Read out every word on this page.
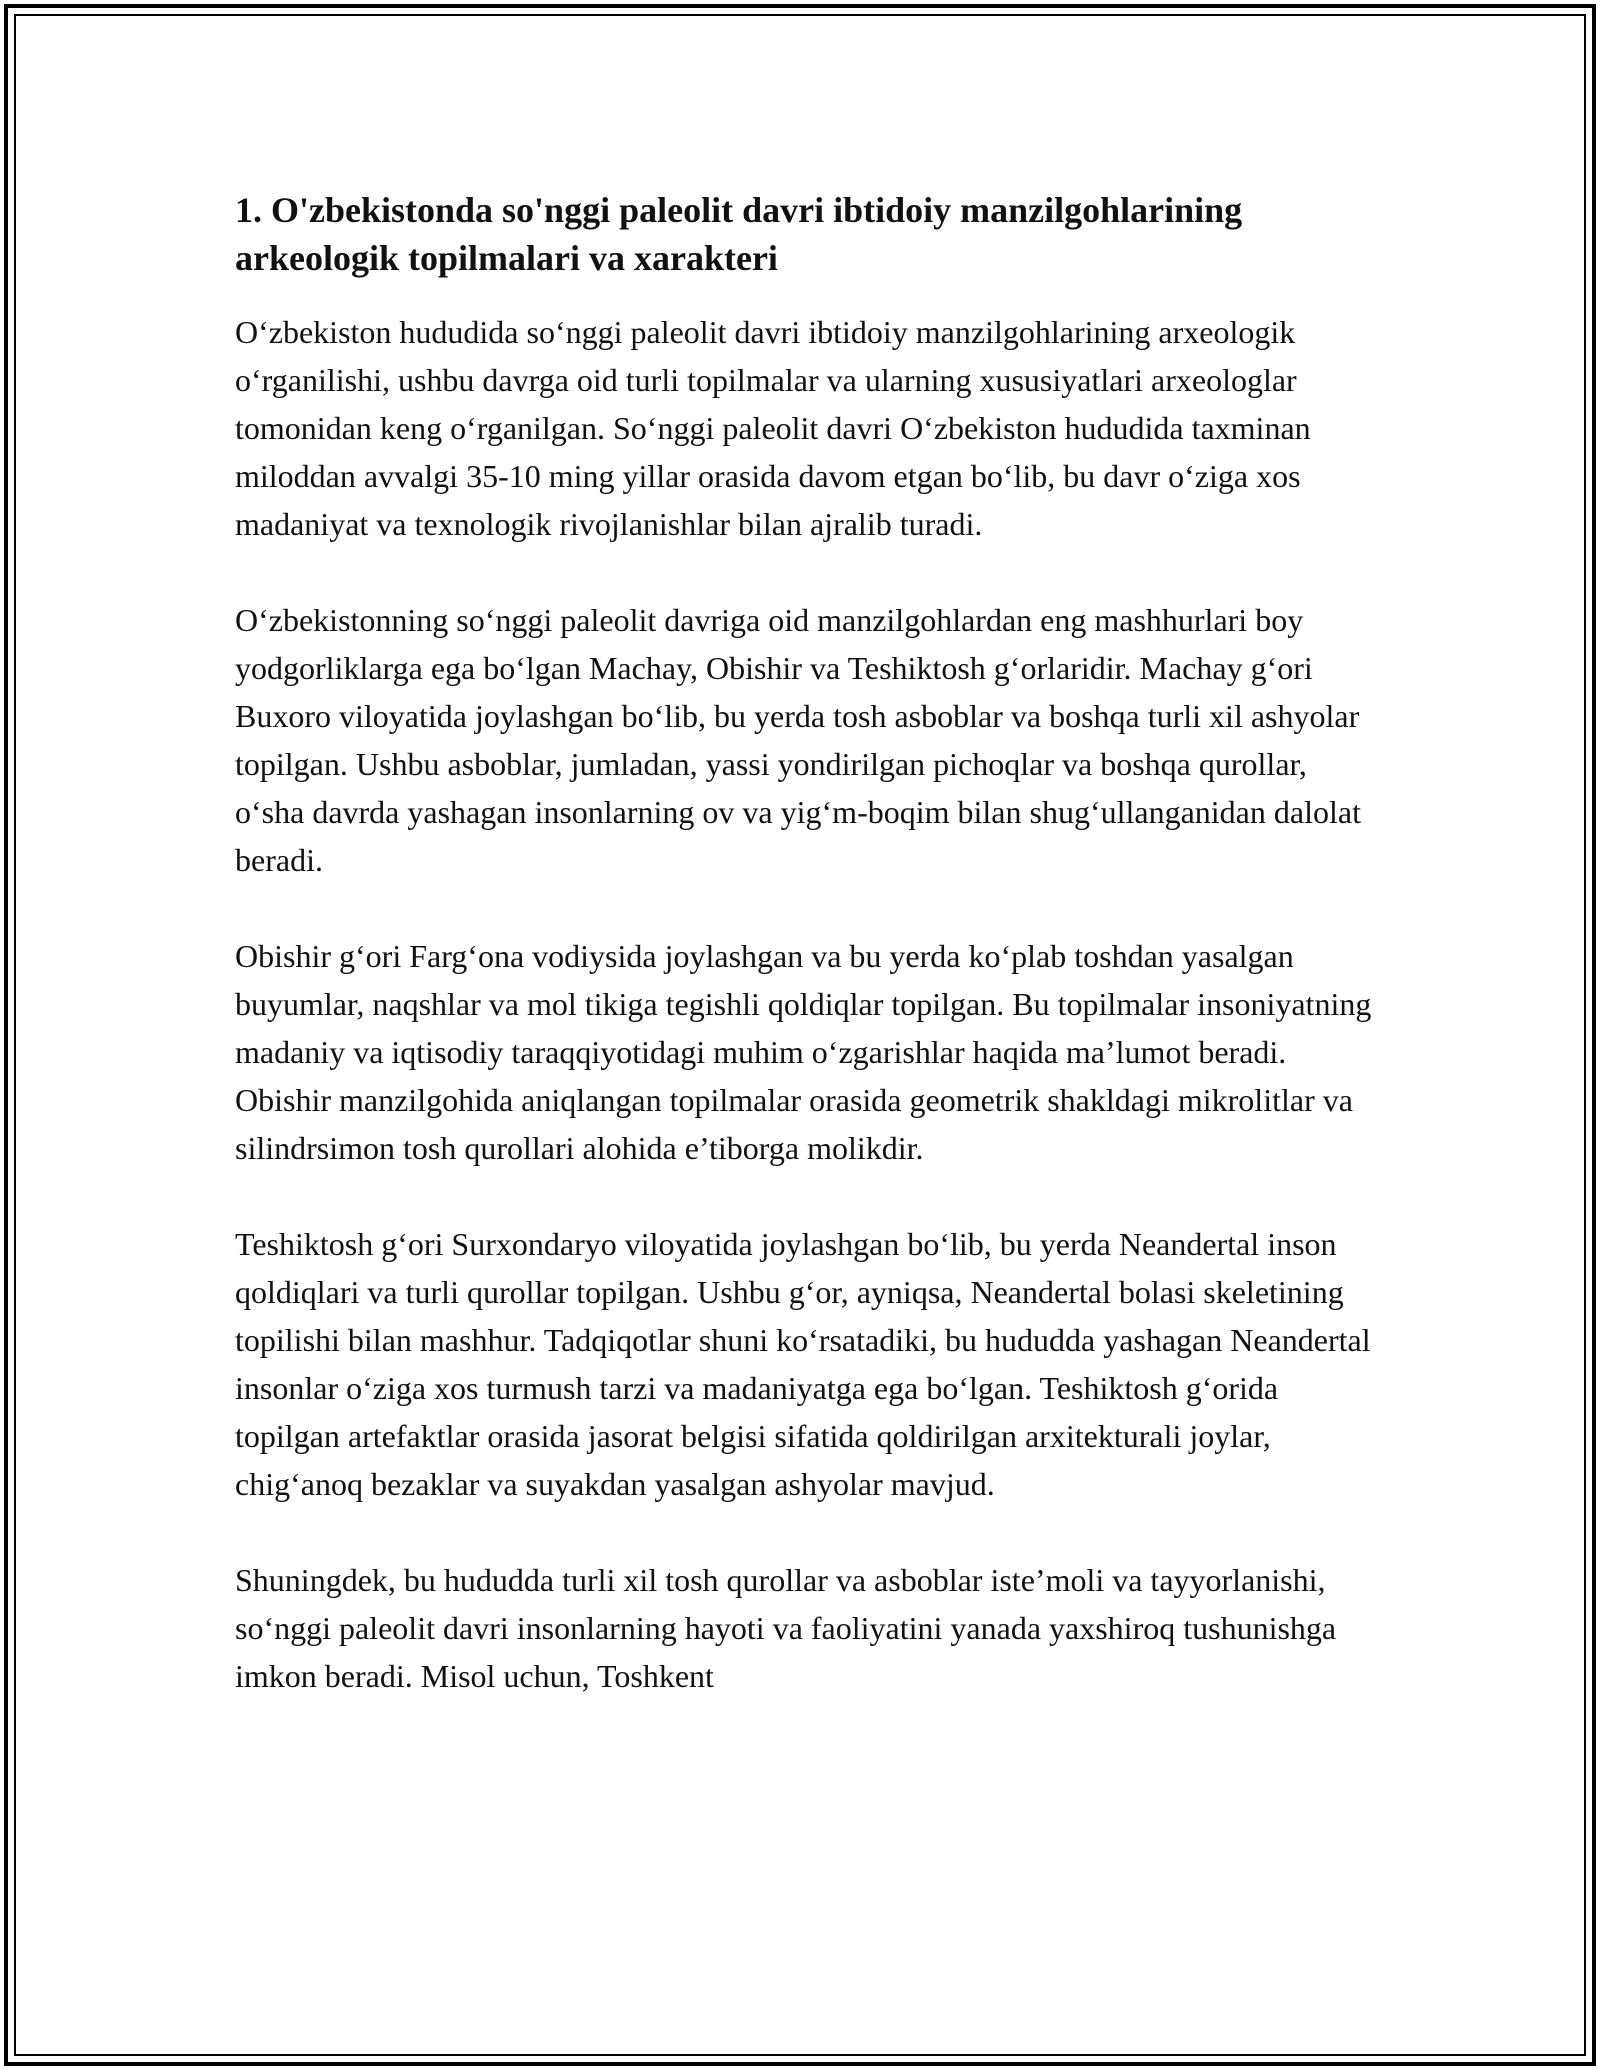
1. O'zbekistonda so'nggi paleolit davri ibtidoiy manzilgohlarining arkeologik topilmalari va xarakteri

O‘zbekiston hududida so‘nggi paleolit davri ibtidoiy manzilgohlarining arxeologik o‘rganilishi, ushbu davrga oid turli topilmalar va ularning xususiyatlari arxeologlar tomonidan keng o‘rganilgan. So‘nggi paleolit davri O‘zbekiston hududida taxminan miloddan avvalgi 35-10 ming yillar orasida davom etgan bo‘lib, bu davr o‘ziga xos madaniyat va texnologik rivojlanishlar bilan ajralib turadi.

O‘zbekistonning so‘nggi paleolit davriga oid manzilgohlardan eng mashhurlari boy yodgorliklarga ega bo‘lgan Machay, Obishir va Teshiktosh g‘orlaridir. Machay g‘ori Buxoro viloyatida joylashgan bo‘lib, bu yerda tosh asboblar va boshqa turli xil ashyolar topilgan. Ushbu asboblar, jumladan, yassi yondirilgan pichoqlar va boshqa qurollar, o‘sha davrda yashagan insonlarning ov va yig‘m-boqim bilan shug‘ullanganidan dalolat beradi.

Obishir g‘ori Farg‘ona vodiysida joylashgan va bu yerda ko‘plab toshdan yasalgan buyumlar, naqshlar va mol tikiga tegishli qoldiqlar topilgan. Bu topilmalar insoniyatning madaniy va iqtisodiy taraqqiyotidagi muhim o‘zgarishlar haqida ma’lumot beradi. Obishir manzilgohida aniqlangan topilmalar orasida geometrik shakldagi mikrolitlar va silindrsimon tosh qurollari alohida e’tiborga molikdir.

Teshiktosh g‘ori Surxondaryo viloyatida joylashgan bo‘lib, bu yerda Neandertal inson qoldiqlari va turli qurollar topilgan. Ushbu g‘or, ayniqsa, Neandertal bolasi skeletining topilishi bilan mashhur. Tadqiqotlar shuni ko‘rsatadiki, bu hududda yashagan Neandertal insonlar o‘ziga xos turmush tarzi va madaniyatga ega bo‘lgan. Teshiktosh g‘orida topilgan artefaktlar orasida jasorat belgisi sifatida qoldirilgan arxitekturali joylar, chig‘anoq bezaklar va suyakdan yasalgan ashyolar mavjud.

Shuningdek, bu hududda turli xil tosh qurollar va asboblar iste’moli va tayyorlanishi, so‘nggi paleolit davri insonlarning hayoti va faoliyatini yanada yaxshiroq tushunishga imkon beradi. Misol uchun, Toshkent
